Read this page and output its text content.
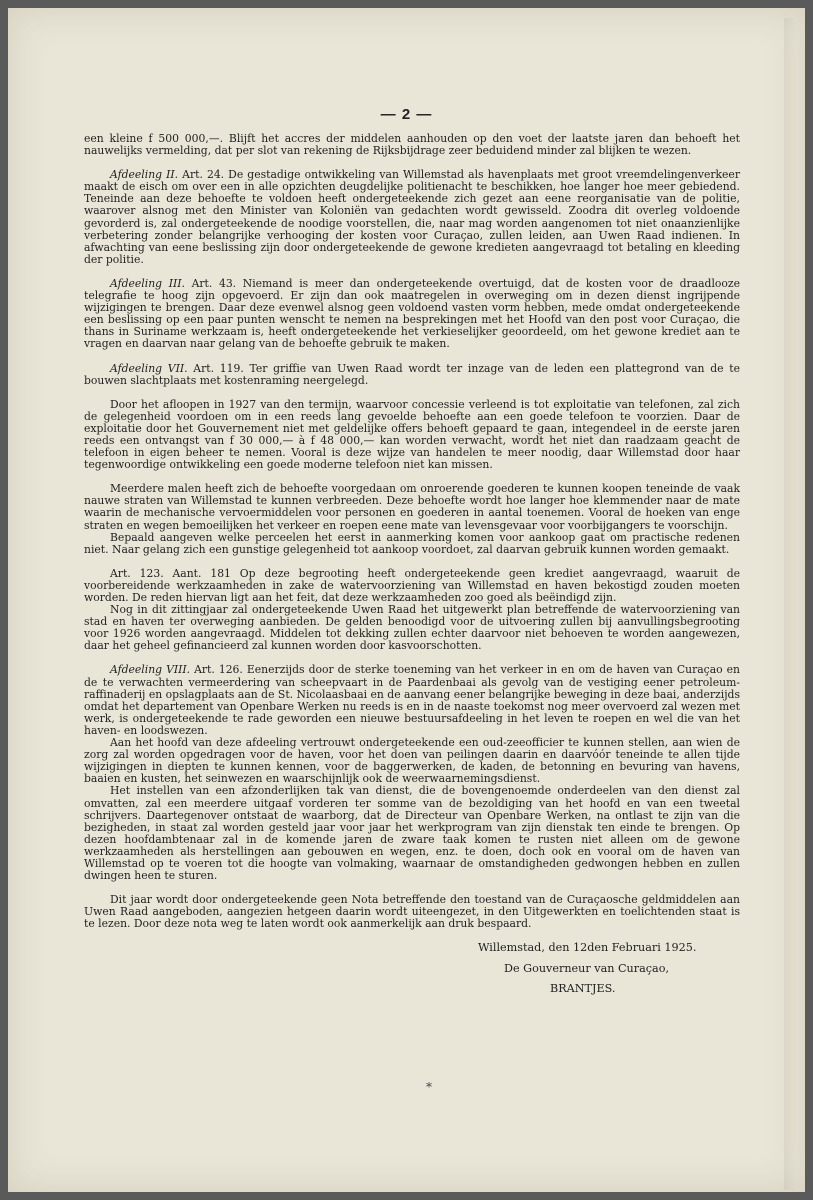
— 2 —

een kleine f 500 000,—. Blijft het accres der middelen aanhouden op den voet der laatste jaren dan behoeft het nauwelijks vermelding, dat per slot van rekening de Rijksbijdrage zeer beduidend minder zal blijken te wezen.

Afdeeling II. Art. 24. De gestadige ontwikkeling van Willemstad als havenplaats met groot vreemdelingenverkeer maakt de eisch om over een in alle opzichten deugdelijke politienacht te beschikken, hoe langer hoe meer gebiedend. Teneinde aan deze behoefte te voldoen heeft ondergeteekende zich gezet aan eene reorganisatie van de politie, waarover alsnog met den Minister van Koloniën van gedachten wordt gewisseld. Zoodra dit overleg voldoende gevorderd is, zal ondergeteekende de noodige voorstellen, die, naar mag worden aangenomen tot niet onaanzienlijke verbetering zonder belangrijke verhooging der kosten voor Curaçao, zullen leiden, aan Uwen Raad indienen. In afwachting van eene beslissing zijn door ondergeteekende de gewone kredieten aangevraagd tot betaling en kleeding der politie.

Afdeeling III. Art. 43. Niemand is meer dan ondergeteekende overtuigd, dat de kosten voor de draadlooze telegrafie te hoog zijn opgevoerd. Er zijn dan ook maatregelen in overweging om in dezen dienst ingrijpende wijzigingen te brengen. Daar deze evenwel alsnog geen voldoend vasten vorm hebben, mede omdat ondergeteekende een beslissing op een paar punten wenscht te nemen na besprekingen met het Hoofd van den post voor Curaçao, die thans in Suriname werkzaam is, heeft ondergeteekende het verkieselijker geoordeeld, om het gewone krediet aan te vragen en daarvan naar gelang van de behoefte gebruik te maken.

Afdeeling VII. Art. 119. Ter griffie van Uwen Raad wordt ter inzage van de leden een plattegrond van de te bouwen slachtplaats met kostenraming neergelegd.

Door het afloopen in 1927 van den termijn, waarvoor concessie verleend is tot exploitatie van telefonen, zal zich de gelegenheid voordoen om in een reeds lang gevoelde behoefte aan een goede telefoon te voorzien. Daar de exploitatie door het Gouvernement niet met geldelijke offers behoeft gepaard te gaan, integendeel in de eerste jaren reeds een ontvangst van f 30 000,— à f 48 000,— kan worden verwacht, wordt het niet dan raadzaam geacht de telefoon in eigen beheer te nemen. Vooral is deze wijze van handelen te meer noodig, daar Willemstad door haar tegenwoordige ontwikkeling een goede moderne telefoon niet kan missen.

Meerdere malen heeft zich de behoefte voorgedaan om onroerende goederen te kunnen koopen teneinde de vaak nauwe straten van Willemstad te kunnen verbreeden. Deze behoefte wordt hoe langer hoe klemmender naar de mate waarin de mechanische vervoermiddelen voor personen en goederen in aantal toenemen. Vooral de hoeken van enge straten en wegen bemoeilijken het verkeer en roepen eene mate van levensgevaar voor voorbijgangers te voorschijn.

Bepaald aangeven welke perceelen het eerst in aanmerking komen voor aankoop gaat om practische redenen niet. Naar gelang zich een gunstige gelegenheid tot aankoop voordoet, zal daarvan gebruik kunnen worden gemaakt.

Art. 123. Aant. 181 Op deze begrooting heeft ondergeteekende geen krediet aangevraagd, waaruit de voorbereidende werkzaamheden in zake de watervoorziening van Willemstad en haven bekostigd zouden moeten worden. De reden hiervan ligt aan het feit, dat deze werkzaamheden zoo goed als beëindigd zijn.

Nog in dit zittingjaar zal ondergeteekende Uwen Raad het uitgewerkt plan betreffende de watervoorziening van stad en haven ter overweging aanbieden. De gelden benoodigd voor de uitvoering zullen bij aanvullingsbegrooting voor 1926 worden aangevraagd. Middelen tot dekking zullen echter daarvoor niet behoeven te worden aangewezen, daar het geheel gefinancieerd zal kunnen worden door kasvoorschotten.

Afdeeling VIII. Art. 126. Eenerzijds door de sterke toeneming van het verkeer in en om de haven van Curaçao en de te verwachten vermeerdering van scheepvaart in de Paardenbaai als gevolg van de vestiging eener petroleum-raffinaderij en opslagplaats aan de St. Nicolaasbaai en de aanvang eener belangrijke beweging in deze baai, anderzijds omdat het departement van Openbare Werken nu reeds is en in de naaste toekomst nog meer overvoerd zal wezen met werk, is ondergeteekende te rade geworden een nieuwe bestuursafdeeling in het leven te roepen en wel die van het haven- en loodswezen.

Aan het hoofd van deze afdeeling vertrouwt ondergeteekende een oud-zeeofficier te kunnen stellen, aan wien de zorg zal worden opgedragen voor de haven, voor het doen van peilingen daarin en daarvóór teneinde te allen tijde wijzigingen in diepten te kunnen kennen, voor de baggerwerken, de kaden, de betonning en bevuring van havens, baaien en kusten, het seinwezen en waarschijnlijk ook de weerwaarnemingsdienst.

Het instellen van een afzonderlijken tak van dienst, die de bovengenoemde onderdeelen van den dienst zal omvatten, zal een meerdere uitgaaf vorderen ter somme van de bezoldiging van het hoofd en van een tweetal schrijvers. Daartegenover ontstaat de waarborg, dat de Directeur van Openbare Werken, na ontlast te zijn van die bezigheden, in staat zal worden gesteld jaar voor jaar het werkprogram van zijn dienstak ten einde te brengen. Op dezen hoofdambtenaar zal in de komende jaren de zware taak komen te rusten niet alleen om de gewone werkzaamheden als herstellingen aan gebouwen en wegen, enz. te doen, doch ook en vooral om de haven van Willemstad op te voeren tot die hoogte van volmaking, waarnaar de omstandigheden gedwongen hebben en zullen dwingen heen te sturen.

Dit jaar wordt door ondergeteekende geen Nota betreffende den toestand van de Curaçaosche geldmiddelen aan Uwen Raad aangeboden, aangezien hetgeen daarin wordt uiteengezet, in den Uitgewerkten en toelichtenden staat is te lezen. Door deze nota weg te laten wordt ook aanmerkelijk aan druk bespaard.

Willemstad, den 12den Februari 1925.
De Gouverneur van Curaçao,
BRANTJES.
*
